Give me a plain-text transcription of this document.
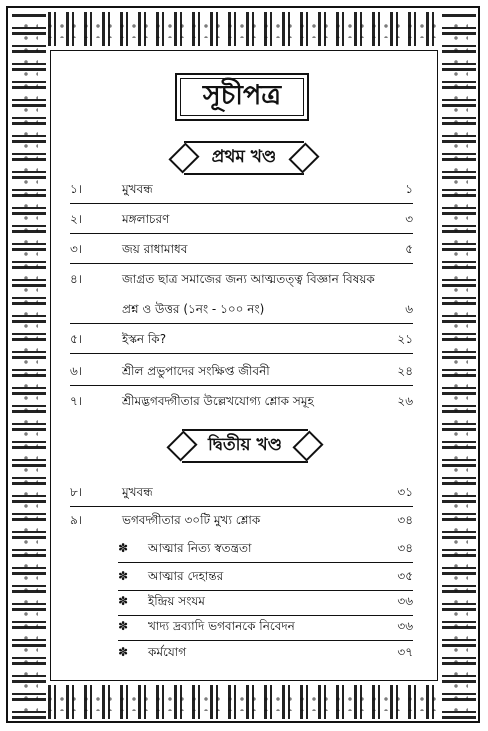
সূচীপত্র
প্রথম খণ্ড
১।	মুখবন্ধ	১
২।	মঙ্গলাচরণ	৩
৩।	জয় রাধামাধব	৫
৪।	জাগ্রত ছাত্র সমাজের জন্য আত্মতত্ত্ব বিজ্ঞান বিষয়ক
প্রশ্ন ও উত্তর (১নং - ১০০ নং)	৬
৫।	ইস্কন কি?	২১
৬।	শ্রীল প্রভুপাদের সংক্ষিপ্ত জীবনী	২৪
৭।	শ্রীমদ্ভগবদ্গীতার উল্লেখযোগ্য শ্লোক সমূহ	২৬
দ্বিতীয় খণ্ড
৮।	মুখবন্ধ	৩১
৯।	ভগবদ্গীতার ৩০টি মুখ্য শ্লোক	৩৪
✽ আত্মার নিত্য স্বতন্ত্রতা	৩৪
✽ আত্মার দেহান্তর	৩৫
✽ ইন্দ্রিয় সংযম	৩৬
✽ খাদ্য দ্রব্যাদি ভগবানকে নিবেদন	৩৬
✽ কর্মযোগ	৩৭
